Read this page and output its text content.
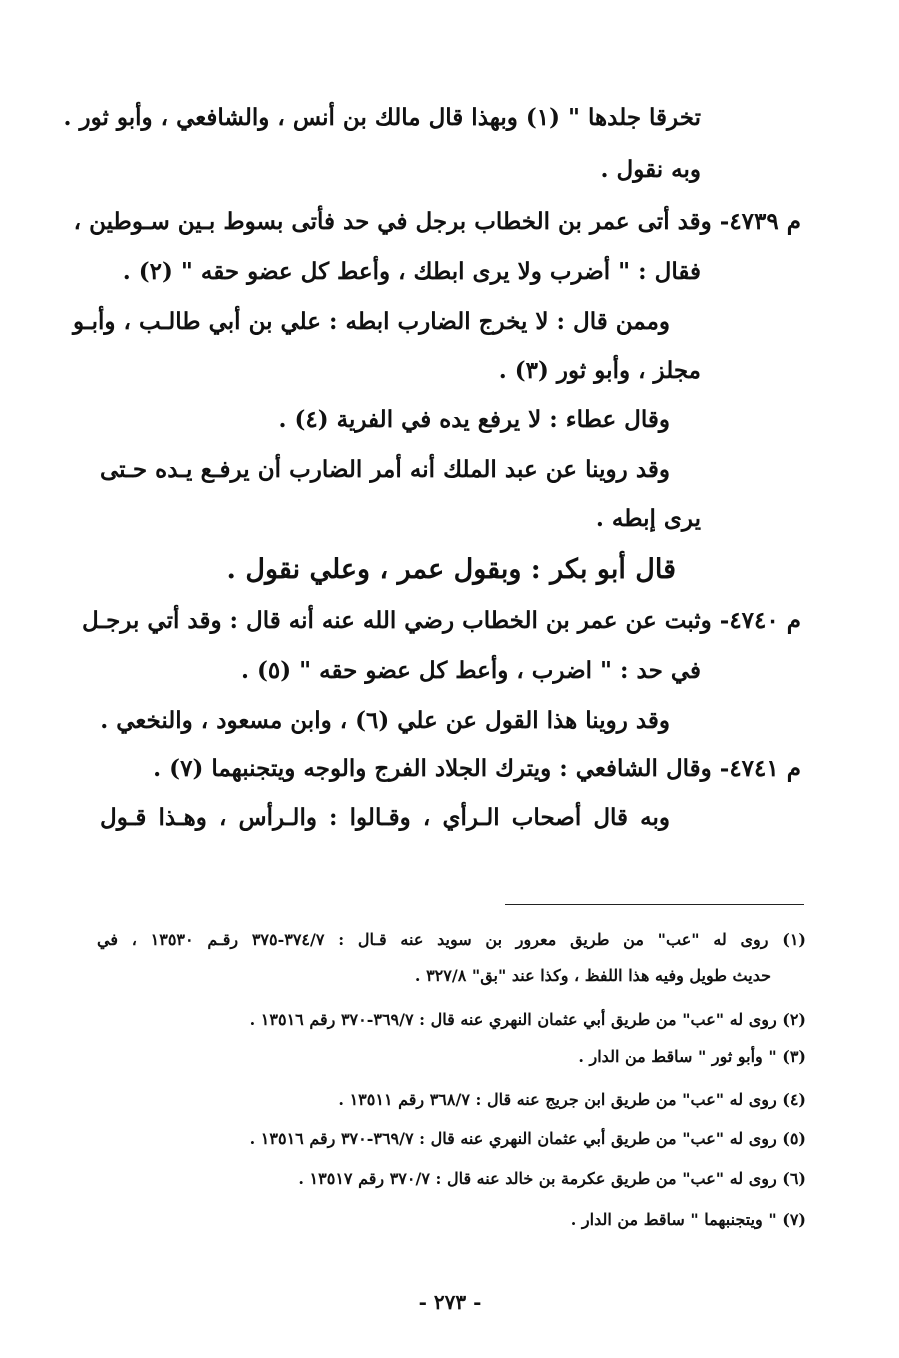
تخرقا جلدها " (١) وبهذا قال مالك بن أنس ، والشافعي ، وأبو ثور .
وبه نقول .
م ٤٧٣٩- وقد أتى عمر بن الخطاب برجل في حد فأتى بسوط بـين سـوطين ،
فقال : " أضرب ولا يرى ابطك ، وأعط كل عضو حقه " (٢) .
وممن قال : لا يخرج الضارب ابطه : علي بن أبي طالـب ، وأبـو
مجلز ، وأبو ثور (٣) .
وقال عطاء : لا يرفع يده في الفرية (٤) .
وقد روينا عن عبد الملك أنه أمر الضارب أن يرفـع يـده حـتى
يرى إبطه .
قال أبو بكر : وبقول عمر ، وعلي نقول .
م ٤٧٤٠- وثبت عن عمر بن الخطاب رضي الله عنه أنه قال : وقد أتي برجـل
في حد : " اضرب ، وأعط كل عضو حقه " (٥) .
وقد روينا هذا القول عن علي (٦) ، وابن مسعود ، والنخعي .
م ٤٧٤١- وقال الشافعي : ويترك الجلاد الفرج والوجه ويتجنبهما (٧) .
وبه قال أصحاب الـرأي ، وقـالوا : والـرأس ، وهـذا قـول
(١) روى له "عب" من طريق معرور بن سويد عنه قـال : ٣٧٤/٧-٣٧٥ رقـم ١٣٥٣٠ ، في
حديث طويل وفيه هذا اللفظ ، وكذا عند "بق" ٣٢٧/٨ .
(٢) روى له "عب" من طريق أبي عثمان النهري عنه قال : ٣٦٩/٧-٣٧٠ رقم ١٣٥١٦ .
(٣) " وأبو ثور " ساقط من الدار .
(٤) روى له "عب" من طريق ابن جريج عنه قال : ٣٦٨/٧ رقم ١٣٥١١ .
(٥) روى له "عب" من طريق أبي عثمان النهري عنه قال : ٣٦٩/٧-٣٧٠ رقم ١٣٥١٦ .
(٦) روى له "عب" من طريق عكرمة بن خالد عنه قال : ٣٧٠/٧ رقم ١٣٥١٧ .
(٧) " ويتجنبهما " ساقط من الدار .
- ٢٧٣ -
